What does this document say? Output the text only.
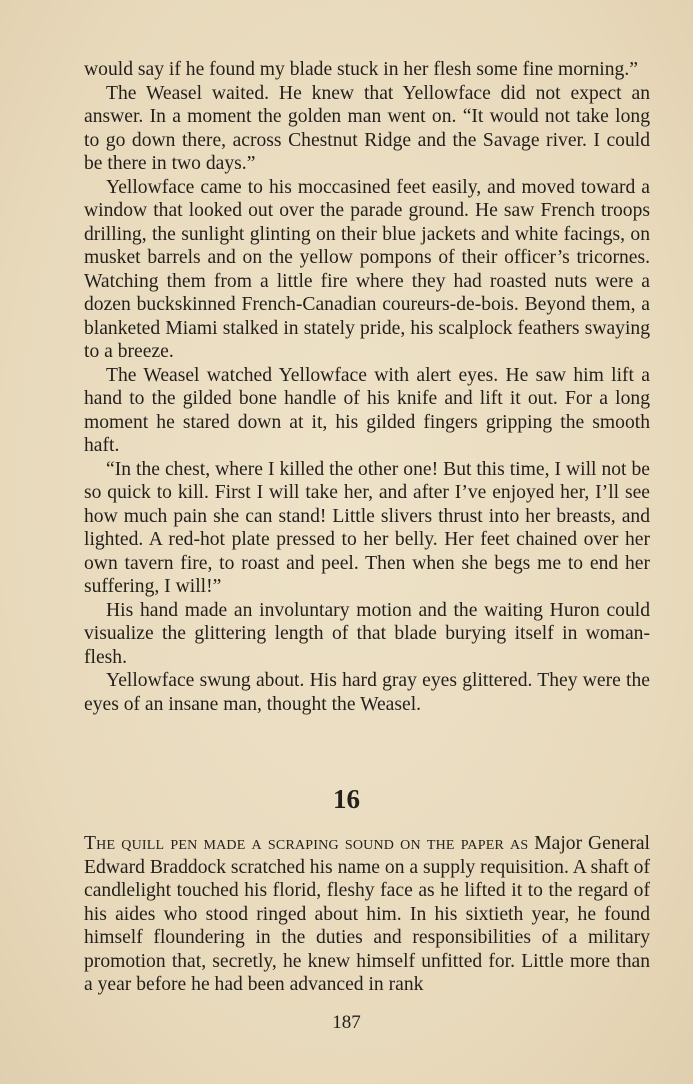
would say if he found my blade stuck in her flesh some fine morning.”

The Weasel waited. He knew that Yellowface did not expect an answer. In a moment the golden man went on. “It would not take long to go down there, across Chestnut Ridge and the Savage river. I could be there in two days.”

Yellowface came to his moccasined feet easily, and moved toward a window that looked out over the parade ground. He saw French troops drilling, the sunlight glinting on their blue jackets and white facings, on musket barrels and on the yellow pompons of their officer’s tricornes. Watching them from a little fire where they had roasted nuts were a dozen buckskinned French-Canadian coureurs-de-bois. Beyond them, a blanketed Miami stalked in stately pride, his scalplock feathers swaying to a breeze.

The Weasel watched Yellowface with alert eyes. He saw him lift a hand to the gilded bone handle of his knife and lift it out. For a long moment he stared down at it, his gilded fingers gripping the smooth haft.

“In the chest, where I killed the other one! But this time, I will not be so quick to kill. First I will take her, and after I’ve enjoyed her, I’ll see how much pain she can stand! Little slivers thrust into her breasts, and lighted. A red-hot plate pressed to her belly. Her feet chained over her own tavern fire, to roast and peel. Then when she begs me to end her suffering, I will!”

His hand made an involuntary motion and the waiting Huron could visualize the glittering length of that blade burying itself in woman-flesh.

Yellowface swung about. His hard gray eyes glittered. They were the eyes of an insane man, thought the Weasel.

16

The quill pen made a scraping sound on the paper as Major General Edward Braddock scratched his name on a supply requisition. A shaft of candlelight touched his florid, fleshy face as he lifted it to the regard of his aides who stood ringed about him. In his sixtieth year, he found himself floundering in the duties and responsibilities of a military promotion that, secretly, he knew himself unfitted for. Little more than a year before he had been advanced in rank

187
